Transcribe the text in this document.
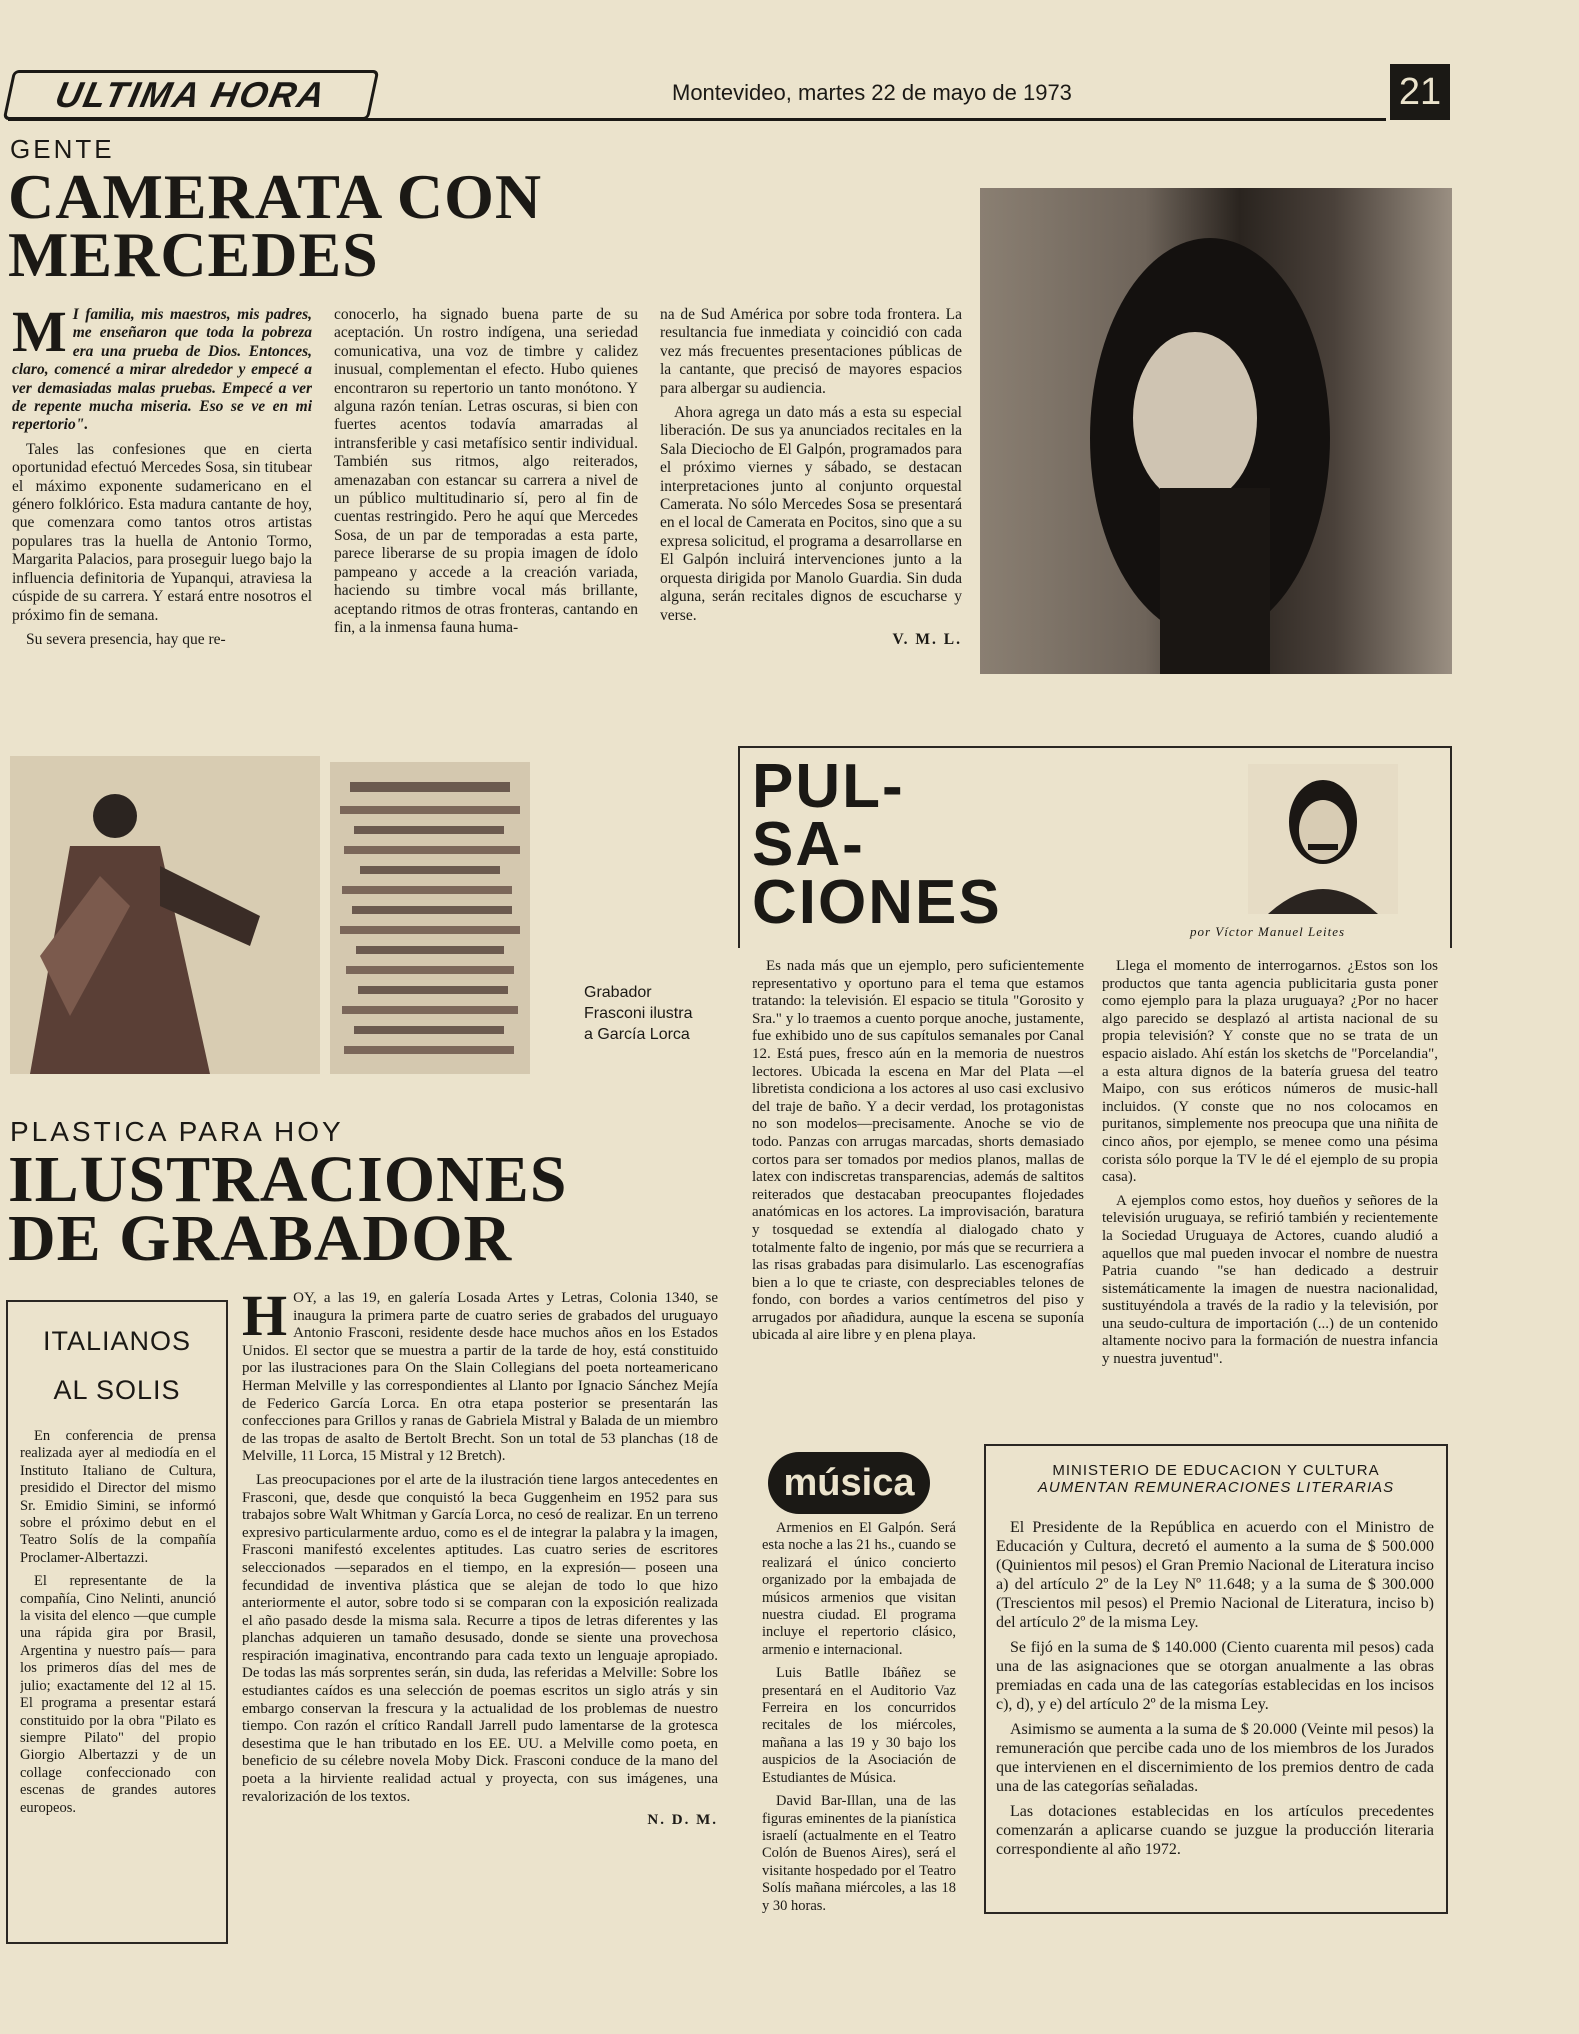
ULTIMA HORA	Montevideo, martes 22 de mayo de 1973	21
GENTE
CAMERATA CON
MERCEDES
M I familia, mis maestros, mis padres, me enseñaron que toda la pobreza era una prueba de Dios. Entonces, claro, comencé a mirar alrededor y empecé a ver demasiadas malas pruebas. Empecé a ver de repente mucha miseria. Eso se ve en mi repertorio".

Tales las confesiones que en cierta oportunidad efectuó Mercedes Sosa, sin titubear el máximo exponente sudamericano en el género folklórico. Esta madura cantante de hoy, que comenzara como tantos otros artistas populares tras la huella de Antonio Tormo, Margarita Palacios, para proseguir luego bajo la influencia definitoria de Yupanqui, atraviesa la cúspide de su carrera. Y estará entre nosotros el próximo fin de semana.

Su severa presencia, hay que re-

conocerlo, ha signado buena parte de su aceptación. Un rostro indígena, una seriedad comunicativa, una voz de timbre y calidez inusual, complementan el efecto. Hubo quienes encontraron su repertorio un tanto monótono. Y alguna razón tenían. Letras oscuras, si bien con fuertes acentos todavía amarradas al intransferible y casi metafísico sentir individual. También sus ritmos, algo reiterados, amenazaban con estancar su carrera a nivel de un público multitudinario sí, pero al fin de cuentas restringido. Pero he aquí que Mercedes Sosa, de un par de temporadas a esta parte, parece liberarse de su propia imagen de ídolo pampeano y accede a la creación variada, haciendo su timbre vocal más brillante, aceptando ritmos de otras fronteras, cantando en fin, a la inmensa fauna huma-

na de Sud América por sobre toda frontera. La resultancia fue inmediata y coincidió con cada vez más frecuentes presentaciones públicas de la cantante, que precisó de mayores espacios para albergar su audiencia.

Ahora agrega un dato más a esta su especial liberación. De sus ya anunciados recitales en la Sala Dieciocho de El Galpón, programados para el próximo viernes y sábado, se destacan interpretaciones junto al conjunto orquestal Camerata. No sólo Mercedes Sosa se presentará en el local de Camerata en Pocitos, sino que a su expresa solicitud, el programa a desarrollarse en El Galpón incluirá intervenciones junto a la orquesta dirigida por Manolo Guardia. Sin duda alguna, serán recitales dignos de escucharse y verse.

V. M. L.

Grabador Frasconi ilustra a García Lorca
PLASTICA PARA HOY
ILUSTRACIONES
DE GRABADOR
H OY, a las 19, en galería Losada Artes y Letras, Colonia 1340, se inaugura la primera parte de cuatro series de grabados del uruguayo Antonio Frasconi, residente desde hace muchos años en los Estados Unidos. El sector que se muestra a partir de la tarde de hoy, está constituido por las ilustraciones para On the Slain Collegians del poeta norteamericano Herman Melville y las correspondientes al Llanto por Ignacio Sánchez Mejía de Federico García Lorca. En otra etapa posterior se presentarán las confecciones para Grillos y ranas de Gabriela Mistral y Balada de un miembro de las tropas de asalto de Bertolt Brecht. Son un total de 53 planchas (18 de Melville, 11 Lorca, 15 Mistral y 12 Bretch).

Las preocupaciones por el arte de la ilustración tiene largos antecedentes en Frasconi, que, desde que conquistó la beca Guggenheim en 1952 para sus trabajos sobre Walt Whitman y García Lorca, no cesó de realizar. En un terreno expresivo particularmente arduo, como es el de integrar la palabra y la imagen, Frasconi manifestó excelentes aptitudes. Las cuatro series de escritores seleccionados —separados en el tiempo, en la expresión— poseen una fecundidad de inventiva plástica que se alejan de todo lo que hizo anteriormente el autor, sobre todo si se comparan con la exposición realizada el año pasado desde la misma sala. Recurre a tipos de letras diferentes y las planchas adquieren un tamaño desusado, donde se siente una provechosa respiración imaginativa, encontrando para cada texto un lenguaje apropiado. De todas las más sorprentes serán, sin duda, las referidas a Melville: Sobre los estudiantes caídos es una selección de poemas escritos un siglo atrás y sin embargo conservan la frescura y la actualidad de los problemas de nuestro tiempo. Con razón el crítico Randall Jarrell pudo lamentarse de la grotesca desestima que le han tributado en los EE. UU. a Melville como poeta, en beneficio de su célebre novela Moby Dick. Frasconi conduce de la mano del poeta a la hirviente realidad actual y proyecta, con sus imágenes, una revalorización de los textos.

N. D. M.

ITALIANOS
AL SOLIS

En conferencia de prensa realizada ayer al mediodía en el Instituto Italiano de Cultura, presidido el Director del mismo Sr. Emidio Simini, se informó sobre el próximo debut en el Teatro Solís de la compañía Proclamer-Albertazzi.

El representante de la compañía, Cino Nelinti, anunció la visita del elenco —que cumple una rápida gira por Brasil, Argentina y nuestro país— para los primeros días del mes de julio; exactamente del 12 al 15. El programa a presentar estará constituido por la obra "Pilato es siempre Pilato" del propio Giorgio Albertazzi y de un collage confeccionado con escenas de grandes autores europeos.

PUL-
SA-
CIONES	por Víctor Manuel Leites

Es nada más que un ejemplo, pero suficientemente representativo y oportuno para el tema que estamos tratando: la televisión. El espacio se titula "Gorosito y Sra." y lo traemos a cuento porque anoche, justamente, fue exhibido uno de sus capítulos semanales por Canal 12. Está pues, fresco aún en la memoria de nuestros lectores. Ubicada la escena en Mar del Plata —el libretista condiciona a los actores al uso casi exclusivo del traje de baño. Y a decir verdad, los protagonistas no son modelos—precisamente. Anoche se vio de todo. Panzas con arrugas marcadas, shorts demasiado cortos para ser tomados por medios planos, mallas de latex con indiscretas transparencias, además de saltitos reiterados que destacaban preocupantes flojedades anatómicas en los actores. La improvisación, baratura y tosquedad se extendía al dialogado chato y totalmente falto de ingenio, por más que se recurriera a las risas grabadas para disimularlo. Las escenografías bien a lo que te criaste, con despreciables telones de fondo, con bordes a varios centímetros del piso y arrugados por añadidura, aunque la escena se suponía ubicada al aire libre y en plena playa.

Llega el momento de interrogarnos. ¿Estos son los productos que tanta agencia publicitaria gusta poner como ejemplo para la plaza uruguaya? ¿Por no hacer algo parecido se desplazó al artista nacional de su propia televisión? Y conste que no se trata de un espacio aislado. Ahí están los sketchs de "Porcelandia", a esta altura dignos de la batería gruesa del teatro Maipo, con sus eróticos números de music-hall incluidos. (Y conste que no nos colocamos en puritanos, simplemente nos preocupa que una niñita de cinco años, por ejemplo, se menee como una pésima corista sólo porque la TV le dé el ejemplo de su propia casa).

A ejemplos como estos, hoy dueños y señores de la televisión uruguaya, se refirió también y recientemente la Sociedad Uruguaya de Actores, cuando aludió a aquellos que mal pueden invocar el nombre de nuestra Patria cuando "se han dedicado a destruir sistemáticamente la imagen de nuestra nacionalidad, sustituyéndola a través de la radio y la televisión, por una seudo-cultura de importación (...) de un contenido altamente nocivo para la formación de nuestra infancia y nuestra juventud".

música

Armenios en El Galpón. Será esta noche a las 21 hs., cuando se realizará el único concierto organizado por la embajada de músicos armenios que visitan nuestra ciudad. El programa incluye el repertorio clásico, armenio e internacional.

Luis Batlle Ibáñez se presentará en el Auditorio Vaz Ferreira en los concurridos recitales de los miércoles, mañana a las 19 y 30 bajo los auspicios de la Asociación de Estudiantes de Música.

David Bar-Illan, una de las figuras eminentes de la pianística israelí (actualmente en el Teatro Colón de Buenos Aires), será el visitante hospedado por el Teatro Solís mañana miércoles, a las 18 y 30 horas.

MINISTERIO DE EDUCACION Y CULTURA
AUMENTAN REMUNERACIONES LITERARIAS

El Presidente de la República en acuerdo con el Ministro de Educación y Cultura, decretó el aumento a la suma de $ 500.000 (Quinientos mil pesos) el Gran Premio Nacional de Literatura inciso a) del artículo 2º de la Ley Nº 11.648; y a la suma de $ 300.000 (Trescientos mil pesos) el Premio Nacional de Literatura, inciso b) del artículo 2º de la misma Ley.

Se fijó en la suma de $ 140.000 (Ciento cuarenta mil pesos) cada una de las asignaciones que se otorgan anualmente a las obras premiadas en cada una de las categorías establecidas en los incisos c), d), y e) del artículo 2º de la misma Ley.

Asimismo se aumenta a la suma de $ 20.000 (Veinte mil pesos) la remuneración que percibe cada uno de los miembros de los Jurados que intervienen en el discernimiento de los premios dentro de cada una de las categorías señaladas.

Las dotaciones establecidas en los artículos precedentes comenzarán a aplicarse cuando se juzgue la producción literaria correspondiente al año 1972.
